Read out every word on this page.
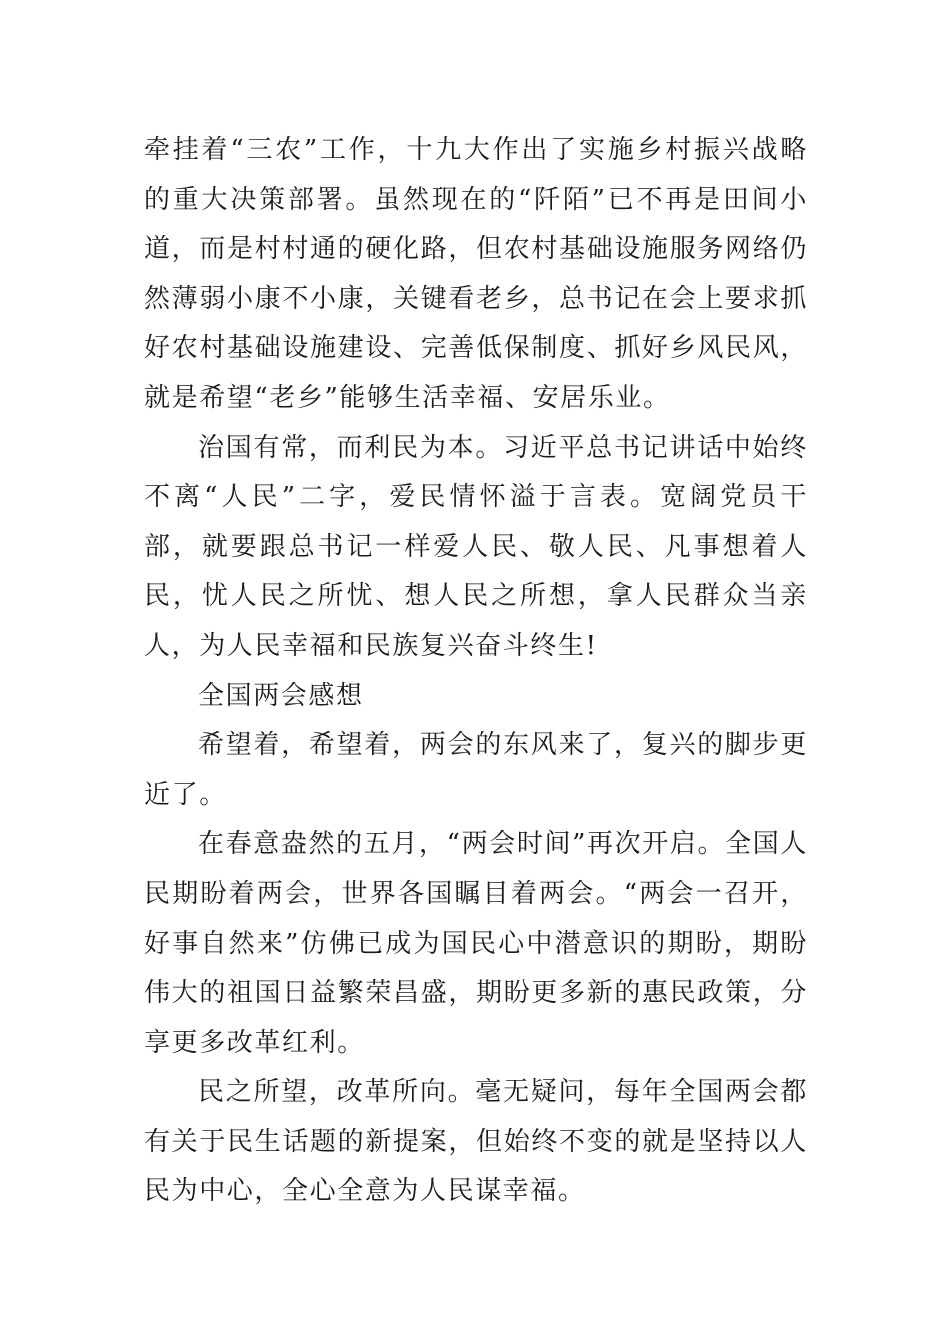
牵挂着“三农”工作，十九大作出了实施乡村振兴战略的重大决策部署。虽然现在的“阡陌”已不再是田间小道，而是村村通的硬化路，但农村基础设施服务网络仍然薄弱小康不小康，关键看老乡，总书记在会上要求抓好农村基础设施建设、完善低保制度、抓好乡风民风，就是希望“老乡”能够生活幸福、安居乐业。

治国有常，而利民为本。习近平总书记讲话中始终不离“人民”二字，爱民情怀溢于言表。宽阔党员干部，就要跟总书记一样爱人民、敬人民、凡事想着人民，忧人民之所忧、想人民之所想，拿人民群众当亲人，为人民幸福和民族复兴奋斗终生!

全国两会感想

希望着，希望着，两会的东风来了，复兴的脚步更近了。

在春意盎然的五月，“两会时间”再次开启。全国人民期盼着两会，世界各国瞩目着两会。“两会一召开，好事自然来”仿佛已成为国民心中潜意识的期盼，期盼伟大的祖国日益繁荣昌盛，期盼更多新的惠民政策，分享更多改革红利。

民之所望，改革所向。毫无疑问，每年全国两会都有关于民生话题的新提案，但始终不变的就是坚持以人民为中心，全心全意为人民谋幸福。
